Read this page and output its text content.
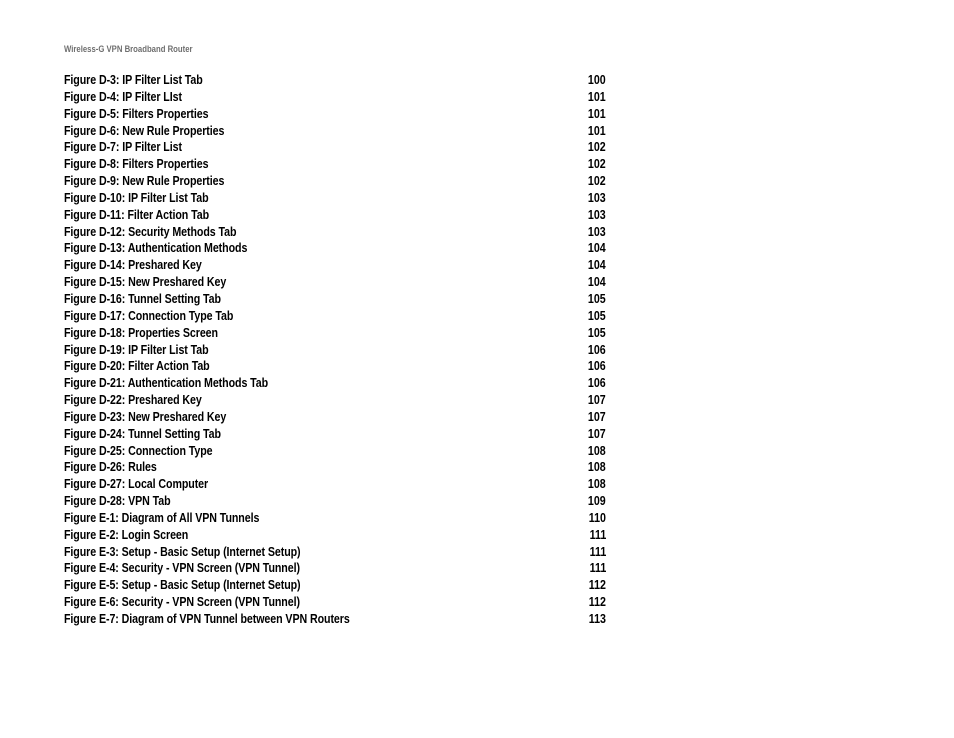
Wireless-G VPN Broadband Router
Figure D-3: IP Filter List Tab	100
Figure D-4: IP Filter LIst	101
Figure D-5: Filters Properties	101
Figure D-6: New Rule Properties	101
Figure D-7: IP Filter List	102
Figure D-8: Filters Properties	102
Figure D-9: New Rule Properties	102
Figure D-10: IP Filter List Tab	103
Figure D-11: Filter Action Tab	103
Figure D-12: Security Methods Tab	103
Figure D-13: Authentication Methods	104
Figure D-14: Preshared Key	104
Figure D-15: New Preshared Key	104
Figure D-16: Tunnel Setting Tab	105
Figure D-17: Connection Type Tab	105
Figure D-18: Properties Screen	105
Figure D-19: IP Filter List Tab	106
Figure D-20: Filter Action Tab	106
Figure D-21: Authentication Methods Tab	106
Figure D-22: Preshared Key	107
Figure D-23: New Preshared Key	107
Figure D-24: Tunnel Setting Tab	107
Figure D-25: Connection Type	108
Figure D-26: Rules	108
Figure D-27: Local Computer	108
Figure D-28: VPN Tab	109
Figure E-1: Diagram of All VPN Tunnels	110
Figure E-2: Login Screen	111
Figure E-3: Setup - Basic Setup (Internet Setup)	111
Figure E-4: Security - VPN Screen (VPN Tunnel)	111
Figure E-5: Setup - Basic Setup (Internet Setup)	112
Figure E-6: Security - VPN Screen (VPN Tunnel)	112
Figure E-7: Diagram of VPN Tunnel between VPN Routers	113
